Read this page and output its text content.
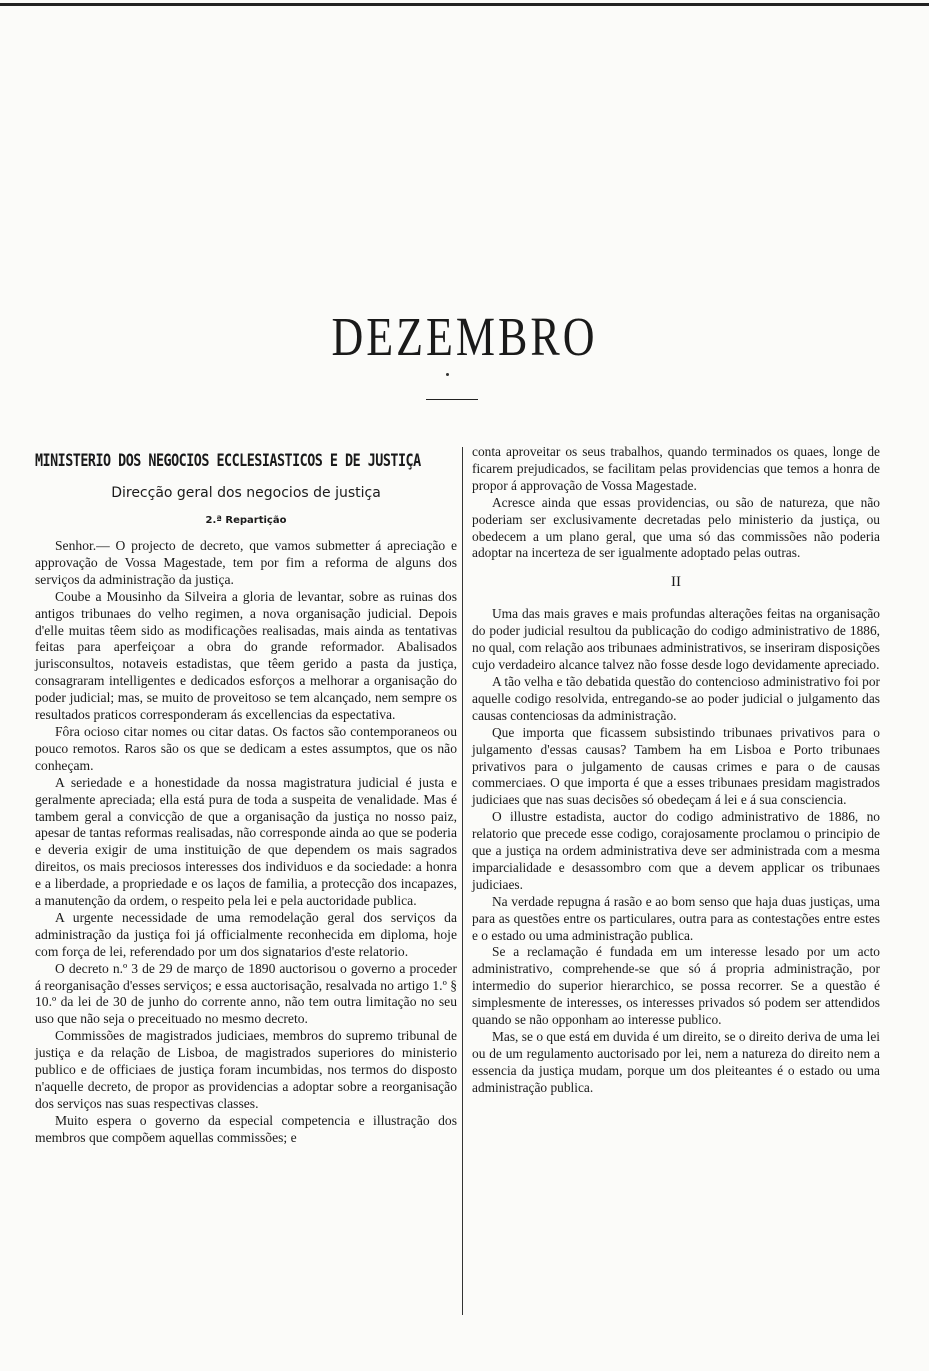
DEZEMBRO
MINISTERIO DOS NEGOCIOS ECCLESIASTICOS E DE JUSTIÇA
Direcção geral dos negocios de justiça
2.ª Repartição

Senhor.— O projecto de decreto, que vamos submetter á apreciação e approvação de Vossa Magestade, tem por fim a reforma de alguns dos serviços da administração da justiça.

Coube a Mousinho da Silveira a gloria de levantar, sobre as ruinas dos antigos tribunaes do velho regimen, a nova organisação judicial. Depois d'elle muitas têem sido as modificações realisadas, mais ainda as tentativas feitas para aperfeiçoar a obra do grande reformador. Abalisados jurisconsultos, notaveis estadistas, que têem gerido a pasta da justiça, consagraram intelligentes e dedicados esforços a melhorar a organisação do poder judicial; mas, se muito de proveitoso se tem alcançado, nem sempre os resultados praticos corresponderam ás excellencias da espectativa.

Fôra ocioso citar nomes ou citar datas. Os factos são contemporaneos ou pouco remotos. Raros são os que se dedicam a estes assumptos, que os não conheçam.

A seriedade e a honestidade da nossa magistratura judicial é justa e geralmente apreciada; ella está pura de toda a suspeita de venalidade. Mas é tambem geral a convicção de que a organisação da justiça no nosso paiz, apesar de tantas reformas realisadas, não corresponde ainda ao que se poderia e deveria exigir de uma instituição de que dependem os mais sagrados direitos, os mais preciosos interesses dos individuos e da sociedade: a honra e a liberdade, a propriedade e os laços de familia, a protecção dos incapazes, a manutenção da ordem, o respeito pela lei e pela auctoridade publica.

A urgente necessidade de uma remodelação geral dos serviços da administração da justiça foi já officialmente reconhecida em diploma, hoje com força de lei, referendado por um dos signatarios d'este relatorio.

O decreto n.º 3 de 29 de março de 1890 auctorisou o governo a proceder á reorganisação d'esses serviços; e essa auctorisação, resalvada no artigo 1.º § 10.º da lei de 30 de junho do corrente anno, não tem outra limitação no seu uso que não seja o preceituado no mesmo decreto.

Commissões de magistrados judiciaes, membros do supremo tribunal de justiça e da relação de Lisboa, de magistrados superiores do ministerio publico e de officiaes de justiça foram incumbidas, nos termos do disposto n'aquelle decreto, de propor as providencias a adoptar sobre a reorganisação dos serviços nas suas respectivas classes.

Muito espera o governo da especial competencia e illustração dos membros que compõem aquellas commissões; e

conta aproveitar os seus trabalhos, quando terminados os quaes, longe de ficarem prejudicados, se facilitam pelas providencias que temos a honra de propor á approvação de Vossa Magestade.

Acresce ainda que essas providencias, ou são de natureza, que não poderiam ser exclusivamente decretadas pelo ministerio da justiça, ou obedecem a um plano geral, que uma só das commissões não poderia adoptar na incerteza de ser igualmente adoptado pelas outras.

II

Uma das mais graves e mais profundas alterações feitas na organisação do poder judicial resultou da publicação do codigo administrativo de 1886, no qual, com relação aos tribunaes administrativos, se inseriram disposições cujo verdadeiro alcance talvez não fosse desde logo devidamente apreciado.

A tão velha e tão debatida questão do contencioso administrativo foi por aquelle codigo resolvida, entregando-se ao poder judicial o julgamento das causas contenciosas da administração.

Que importa que ficassem subsistindo tribunaes privativos para o julgamento d'essas causas? Tambem ha em Lisboa e Porto tribunaes privativos para o julgamento de causas crimes e para o de causas commerciaes. O que importa é que a esses tribunaes presidam magistrados judiciaes que nas suas decisões só obedeçam á lei e á sua consciencia.

O illustre estadista, auctor do codigo administrativo de 1886, no relatorio que precede esse codigo, corajosamente proclamou o principio de que a justiça na ordem administrativa deve ser administrada com a mesma imparcialidade e desassombro com que a devem applicar os tribunaes judiciaes.

Na verdade repugna á rasão e ao bom senso que haja duas justiças, uma para as questões entre os particulares, outra para as contestações entre estes e o estado ou uma administração publica.

Se a reclamação é fundada em um interesse lesado por um acto administrativo, comprehende-se que só á propria administração, por intermedio do superior hierarchico, se possa recorrer. Se a questão é simplesmente de interesses, os interesses privados só podem ser attendidos quando se não opponham ao interesse publico.

Mas, se o que está em duvida é um direito, se o direito deriva de uma lei ou de um regulamento auctorisado por lei, nem a natureza do direito nem a essencia da justiça mudam, porque um dos pleiteantes é o estado ou uma administração publica.
